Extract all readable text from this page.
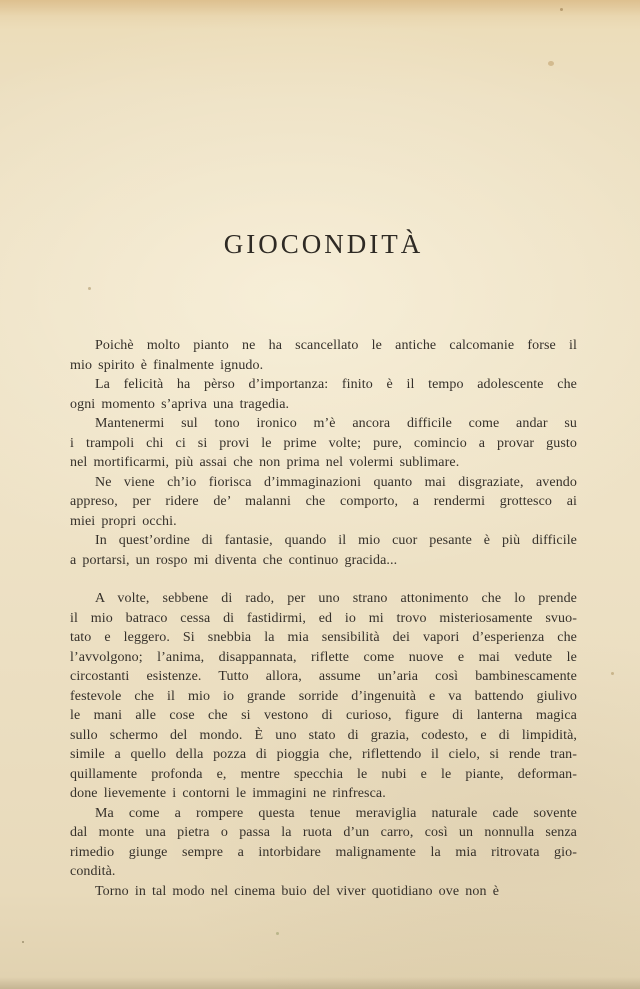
GIOCONDITÀ
Poichè molto pianto ne ha scancellato le antiche calcomanie forse il
mio spirito è finalmente ignudo.
La felicità ha pèrso d’importanza: finito è il tempo adolescente che
ogni momento s’apriva una tragedia.
Mantenermi sul tono ironico m’è ancora difficile come andar su
i trampoli chi ci si provi le prime volte; pure, comincio a provar gusto
nel mortificarmi, più assai che non prima nel volermi sublimare.
Ne viene ch’io fiorisca d’immaginazioni quanto mai disgraziate, avendo
appreso, per ridere de’ malanni che comporto, a rendermi grottesco ai
miei propri occhi.
In quest’ordine di fantasie, quando il mio cuor pesante è più difficile
a portarsi, un rospo mi diventa che continuo gracida...
A volte, sebbene di rado, per uno strano attonimento che lo prende
il mio batraco cessa di fastidirmi, ed io mi trovo misteriosamente svuo-
tato e leggero. Si snebbia la mia sensibilità dei vapori d’esperienza che
l’avvolgono; l’anima, disappannata, riflette come nuove e mai vedute le
circostanti esistenze. Tutto allora, assume un’aria così bambinescamente
festevole che il mio io grande sorride d’ingenuità e va battendo giulivo
le mani alle cose che si vestono di curioso, figure di lanterna magica
sullo schermo del mondo. È uno stato di grazia, codesto, e di limpidità,
simile a quello della pozza di pioggia che, riflettendo il cielo, si rende tran-
quillamente profonda e, mentre specchia le nubi e le piante, deforman-
done lievemente i contorni le immagini ne rinfresca.
Ma come a rompere questa tenue meraviglia naturale cade sovente
dal monte una pietra o passa la ruota d’un carro, così un nonnulla senza
rimedio giunge sempre a intorbidare malignamente la mia ritrovata gio-
condità.
Torno in tal modo nel cinema buio del viver quotidiano ove non è
